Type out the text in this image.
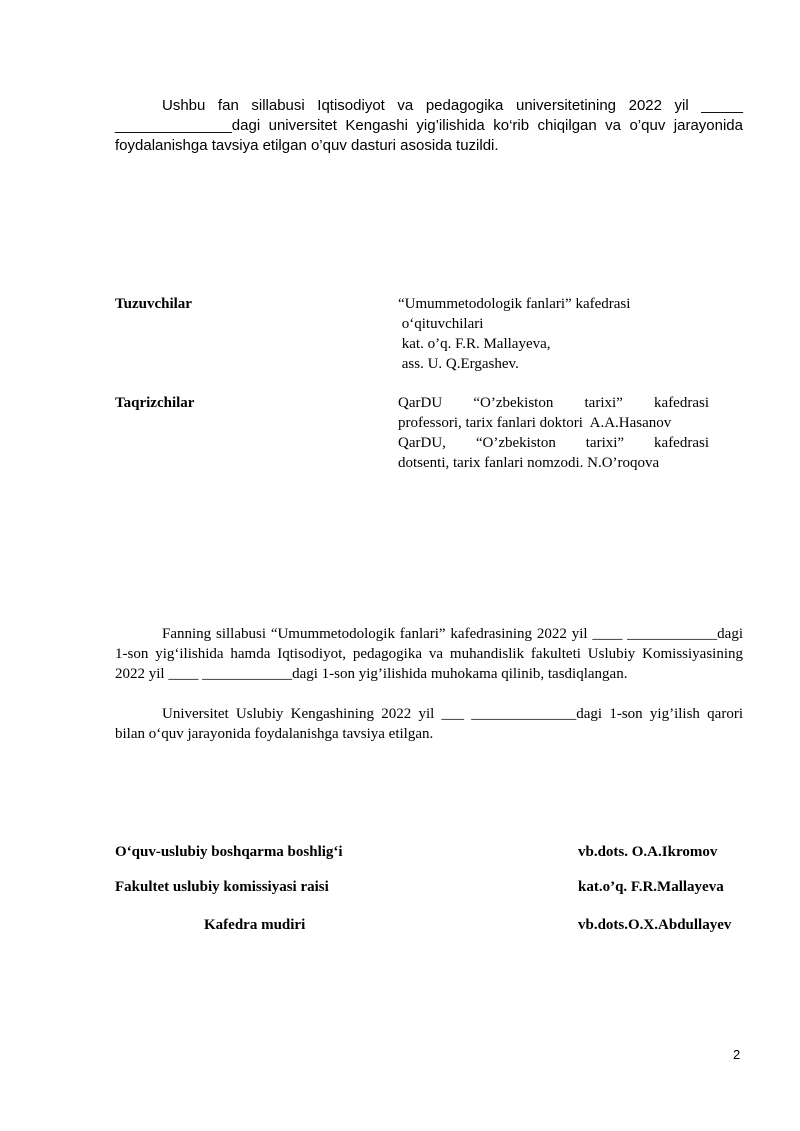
Ushbu fan sillabusi Iqtisodiyot va pedagogika universitetining 2022 yil _____ ______________dagi universitet Kengashi yig’ilishida ko‘rib chiqilgan va o’quv jarayonida foydalanishga tavsiya etilgan o’quv dasturi asosida tuzildi.

Tuzuvchilar	“Umummetodologik fanlari” kafedrasi
o‘qituvchilari
kat. o’q. F.R. Mallayeva,
ass. U. Q.Ergashev.
Taqrizchilar	QarDU “O’zbekiston tarixi” kafedrasi
professori, tarix fanlari doktori  A.A.Hasanov
QarDU, “O’zbekiston tarixi” kafedrasi
dotsenti, tarix fanlari nomzodi. N.O’roqova

Fanning sillabusi “Umummetodologik fanlari” kafedrasining 2022 yil ____ ____________dagi 1-son yig‘ilishida hamda Iqtisodiyot, pedagogika va muhandislik fakulteti Uslubiy Komissiyasining 2022 yil ____ ____________dagi 1-son yig’ilishida muhokama qilinib, tasdiqlangan.

Universitet Uslubiy Kengashining 2022 yil ___ ______________dagi 1-son yig’ilish qarori bilan o‘quv jarayonida foydalanishga tavsiya etilgan.

O‘quv-uslubiy boshqarma boshlig‘i	vb.dots. O.A.Ikromov
Fakultet uslubiy komissiyasi raisi	kat.o’q. F.R.Mallayeva
Kafedra mudiri	vb.dots.O.X.Abdullayev
2
